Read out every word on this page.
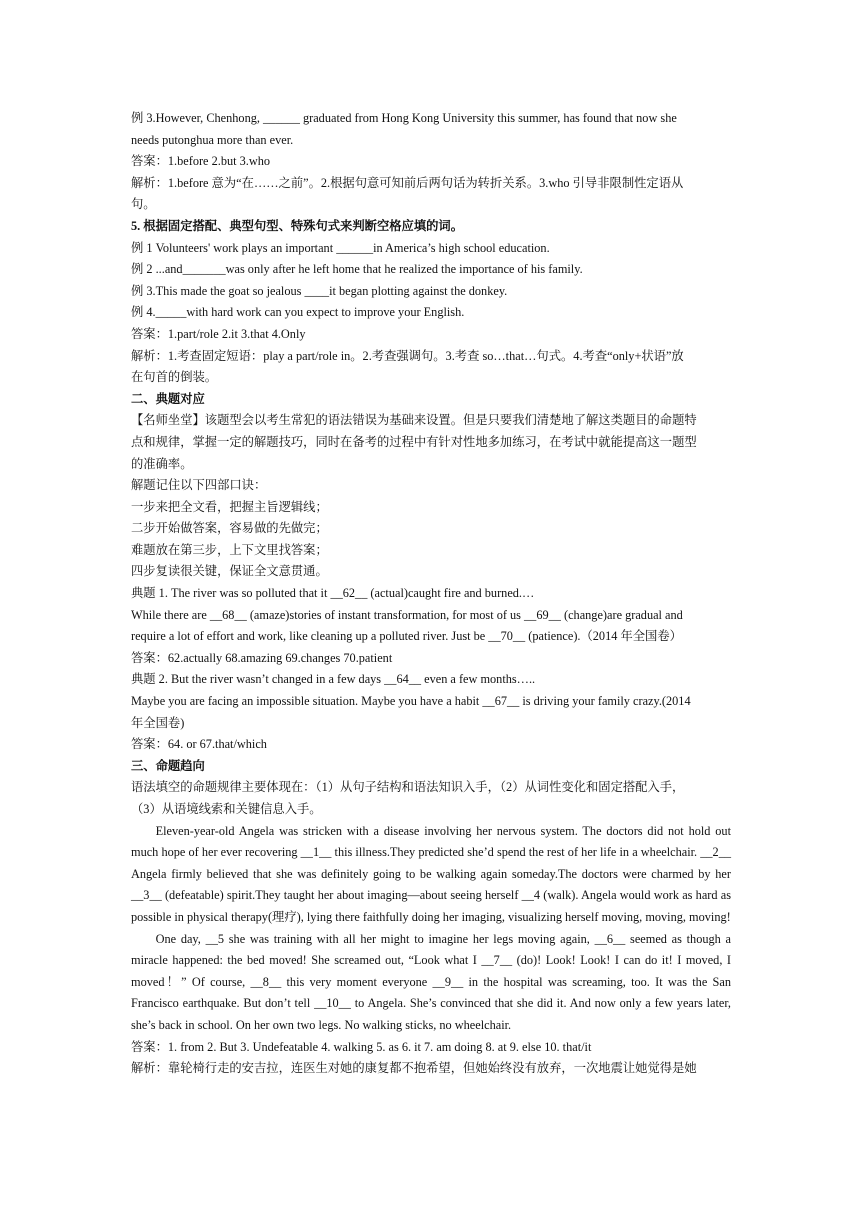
例 3.However, Chenhong, ______ graduated from Hong Kong University this summer, has found that now she
needs putonghua more than ever.
答案：1.before 2.but 3.who
解析：1.before 意为“在……之前”。2.根据句意可知前后两句话为转折关系。3.who 引导非限制性定语从
句。
5. 根据固定搭配、典型句型、特殊句式来判断空格应填的词。
例 1 Volunteers' work plays an important ______in America’s high school education.
例 2 ...and_______was only after he left home that he realized the importance of his family.
例 3.This made the goat so jealous ____it began plotting against the donkey.
例 4._____with hard work can you expect to improve your English.
答案：1.part/role 2.it 3.that 4.Only
解析：1.考查固定短语：play a part/role in。2.考查强调句。3.考查 so…that…句式。4.考查“only+状语”放
在句首的倒装。
二、典题对应
【名师坐堂】该题型会以考生常犯的语法错误为基础来设置。但是只要我们清楚地了解这类题目的命题特
点和规律，掌握一定的解题技巧，同时在备考的过程中有针对性地多加练习，在考试中就能提高这一题型
的准确率。
解题记住以下四部口诀：
一步来把全文看，把握主旨逻辑线；
二步开始做答案，容易做的先做完；
难题放在第三步，上下文里找答案；
四步复读很关键，保证全文意贯通。
典题 1. The river was so polluted that it __62__ (actual)caught fire and burned.…
While there are __68__ (amaze)stories of instant transformation, for most of us __69__ (change)are gradual and
require a lot of effort and work, like cleaning up a polluted river. Just be __70__ (patience).（2014 年全国卷）
答案：62.actually 68.amazing 69.changes 70.patient
典题 2. But the river wasn’t changed in a few days __64__ even a few months…..
Maybe you are facing an impossible situation. Maybe you have a habit __67__ is driving your family crazy.(2014
年全国卷)
答案：64. or 67.that/which
三、命题趋向
语法填空的命题规律主要体现在：（1）从句子结构和语法知识入手，（2）从词性变化和固定搭配入手，
（3）从语境线索和关键信息入手。
Eleven-year-old Angela was stricken with a disease involving her nervous system. The doctors did not hold out much hope of her ever recovering __1__ this illness.They predicted she’d spend the rest of her life in a wheelchair. __2__ Angela firmly believed that she was definitely going to be walking again someday.The doctors were charmed by her __3__ (defeatable) spirit.They taught her about imaging—about seeing herself __4 (walk). Angela would work as hard as possible in physical therapy(理疗), lying there faithfully doing her imaging, visualizing herself moving, moving, moving!
One day, __5 she was training with all her might to imagine her legs moving again, __6__ seemed as though a miracle happened: the bed moved! She screamed out, “Look what I __7__ (do)! Look! Look! I can do it! I moved, I moved！” Of course, __8__ this very moment everyone __9__ in the hospital was screaming, too. It was the San Francisco earthquake. But don’t tell __10__ to Angela. She’s convinced that she did it. And now only a few years later, she’s back in school. On her own two legs. No walking sticks, no wheelchair.
答案：1. from 2. But 3. Undefeatable 4. walking 5. as 6. it 7. am doing 8. at 9. else 10. that/it
解析：靠轮椅行走的安吉拉，连医生对她的康复都不抱希望，但她始终没有放弃，一次地震让她觉得是她
